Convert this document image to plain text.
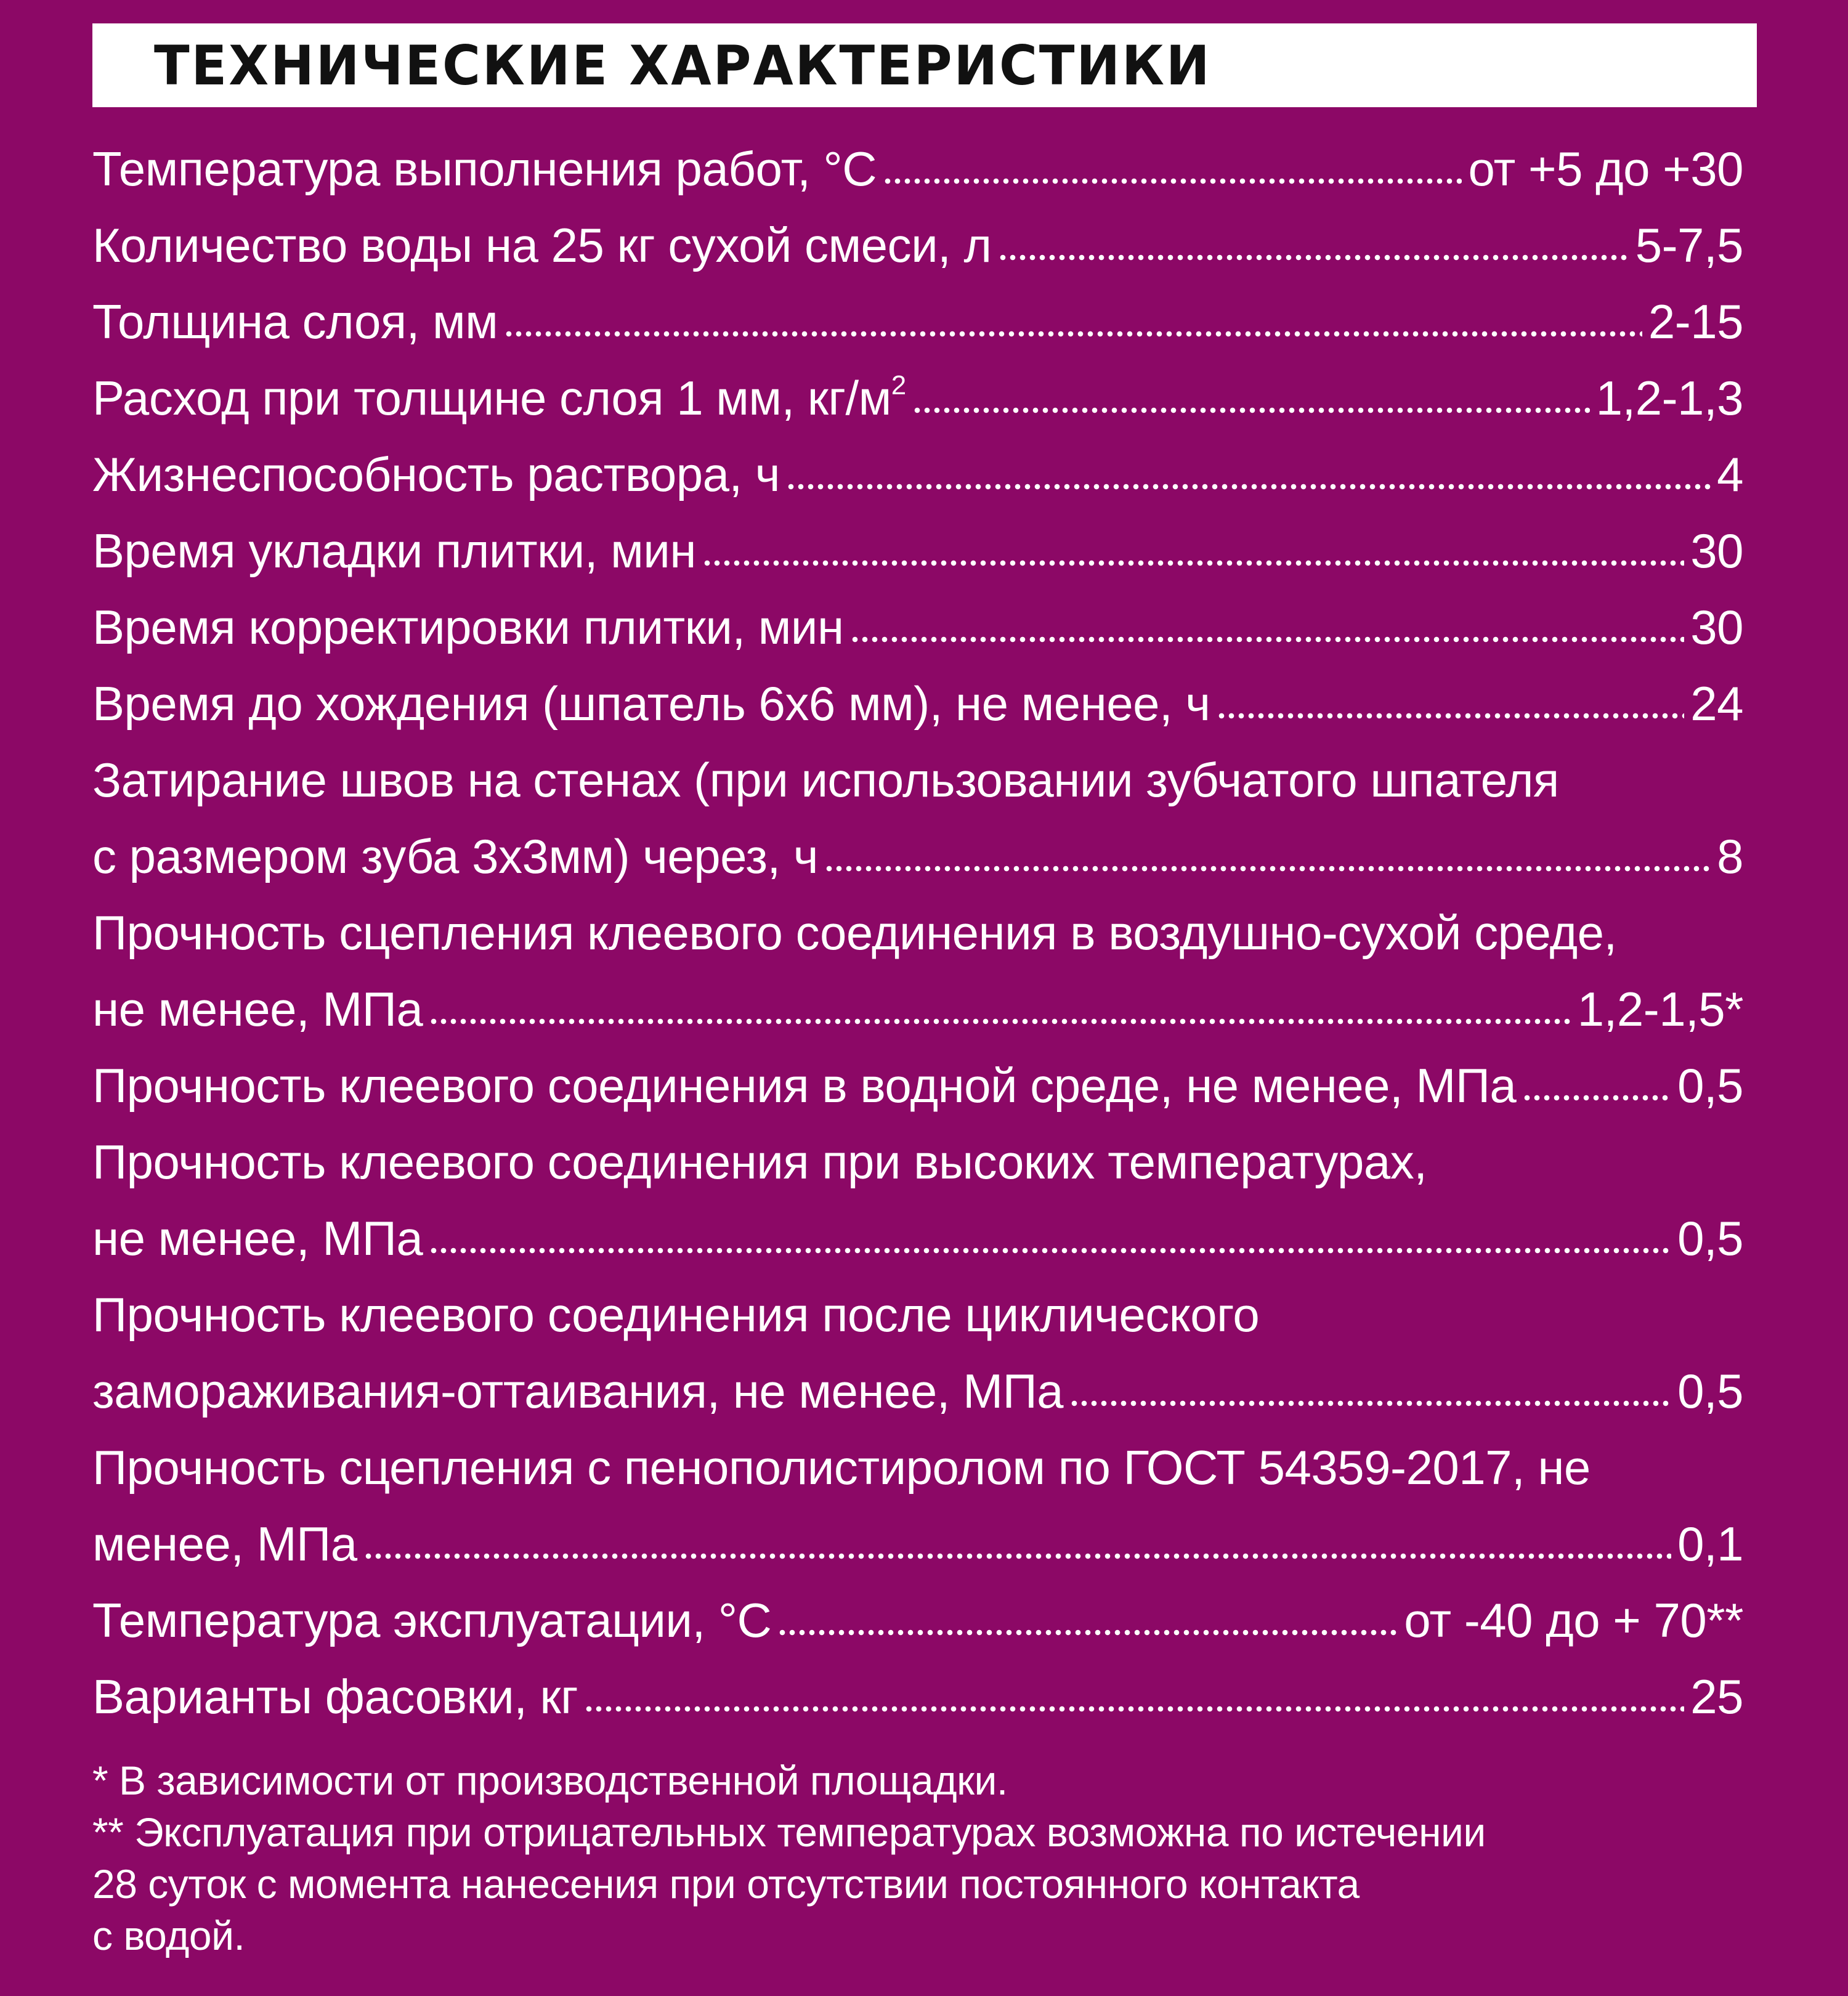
ТЕХНИЧЕСКИЕ ХАРАКТЕРИСТИКИ
Температура выполнения работ, °С	от +5 до +30
Количество воды на 25 кг сухой смеси, л	5-7,5
Толщина слоя, мм	2-15
Расход при толщине слоя 1 мм, $кг/м^2$	1,2-1,3
Жизнеспособность раствора, ч	4
Время укладки плитки, мин	30
Время корректировки плитки, мин	30
Время до хождения (шпатель 6х6 мм), не менее, ч	24
Затирание швов на стенах (при использовании зубчатого шпателя
с размером зуба 3х3мм) через, ч	8
Прочность сцепления клеевого соединения в воздушно-сухой среде,
не менее, МПа	1,2-1,5*
Прочность клеевого соединения в водной среде, не менее, МПа	0,5
Прочность клеевого соединения при высоких температурах,
не менее, МПа	0,5
Прочность клеевого соединения после циклического
замораживания-оттаивания, не менее, МПа	0,5
Прочность сцепления с пенополистиролом по ГОСТ 54359-2017, не
менее, МПа	0,1
Температура эксплуатации, °С	от -40 до + 70**
Варианты фасовки, кг	25
* В зависимости от производственной площадки.
** Эксплуатация при отрицательных температурах возможна по истечении
28 суток с момента нанесения при отсутствии постоянного контакта
с водой.
